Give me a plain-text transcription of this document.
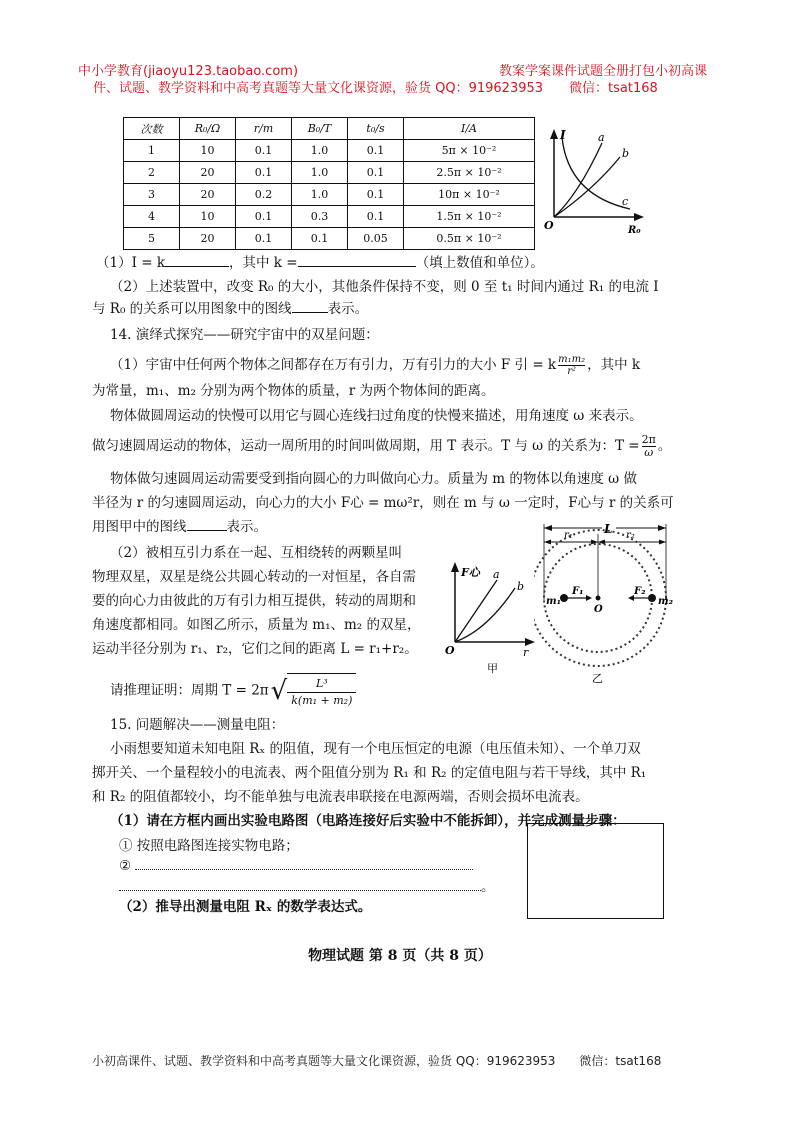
中小学教育(jiaoyu123.taobao.com)	教案学案课件试题全册打包小初高课
件、试题、教学资料和中高考真题等大量文化课资源，验货 QQ：919623953　　微信：tsat168
次数	R₀/Ω	r/m	B₀/T	t₀/s	I/A
1	10	0.1	1.0	0.1	5π × 10⁻²
2	20	0.1	1.0	0.1	2.5π × 10⁻²
3	20	0.2	1.0	0.1	10π × 10⁻²
4	10	0.1	0.3	0.1	1.5π × 10⁻²
5	20	0.1	0.1	0.05	0.5π × 10⁻²
I	a
b
c
O	R₀
（1）I = k	，其中 k =	（填上数值和单位）。
（2）上述装置中，改变 R₀ 的大小，其他条件保持不变，则 0 至 t₁ 时间内通过 R₁ 的电流 I
与 R₀ 的关系可以用图象中的图线	表示。
14. 演绎式探究——研究宇宙中的双星问题：
（1）宇宙中任何两个物体之间都存在万有引力，万有引力的大小 F 引 = k $\frac{\text{m₁m₂}}{\text{r²}}$ ，其中 k
为常量，m₁、m₂ 分别为两个物体的质量，r 为两个物体间的距离。
物体做圆周运动的快慢可以用它与圆心连线扫过角度的快慢来描述，用角速度 ω 来表示。
做匀速圆周运动的物体，运动一周所用的时间叫做周期，用 T 表示。T 与 ω 的关系为：$T = \frac{2\pi}{\omega}$ 。
物体做匀速圆周运动需要受到指向圆心的力叫做向心力。质量为 m 的物体以角速度 ω 做
半径为 r 的匀速圆周运动，向心力的大小 F心 = mω²r，则在 m 与 ω 一定时，F心与 r 的关系可
用图甲中的图线	表示。
（2）被相互引力系在一起、互相绕转的两颗星叫
物理双星，双星是绕公共圆心转动的一对恒星，各自需
要的向心力由彼此的万有引力相互提供，转动的周期和
角速度都相同。如图乙所示，质量为 m₁、m₂ 的双星，
运动半径分别为 r₁、r₂，它们之间的距离 L = r₁+r₂。
请推理证明：周期 $T = 2\pi√ \frac{\text{L³}}{\text{k(m₁ + m₂)}}$
F心 a
b
O	r
甲
L
r₁	r₂
O
F₁
m₁
F₂
m₂
乙
15. 问题解决——测量电阻：
小雨想要知道未知电阻 Rₓ 的阻值，现有一个电压恒定的电源（电压值未知）、一个单刀双
掷开关、一个量程较小的电流表、两个阻值分别为 R₁ 和 R₂ 的定值电阻与若干导线，其中 R₁
和 R₂ 的阻值都较小，均不能单独与电流表串联接在电源两端，否则会损坏电流表。
（1）请在方框内画出实验电路图（电路连接好后实验中不能拆卸），并完成测量步骤：
① 按照电路图连接实物电路；
②
。
（2）推导出测量电阻 Rₓ 的数学表达式。
物理试题 第 8 页（共 8 页）
小初高课件、试题、教学资料和中高考真题等大量文化课资源，验货 QQ：919623953　　微信：tsat168
